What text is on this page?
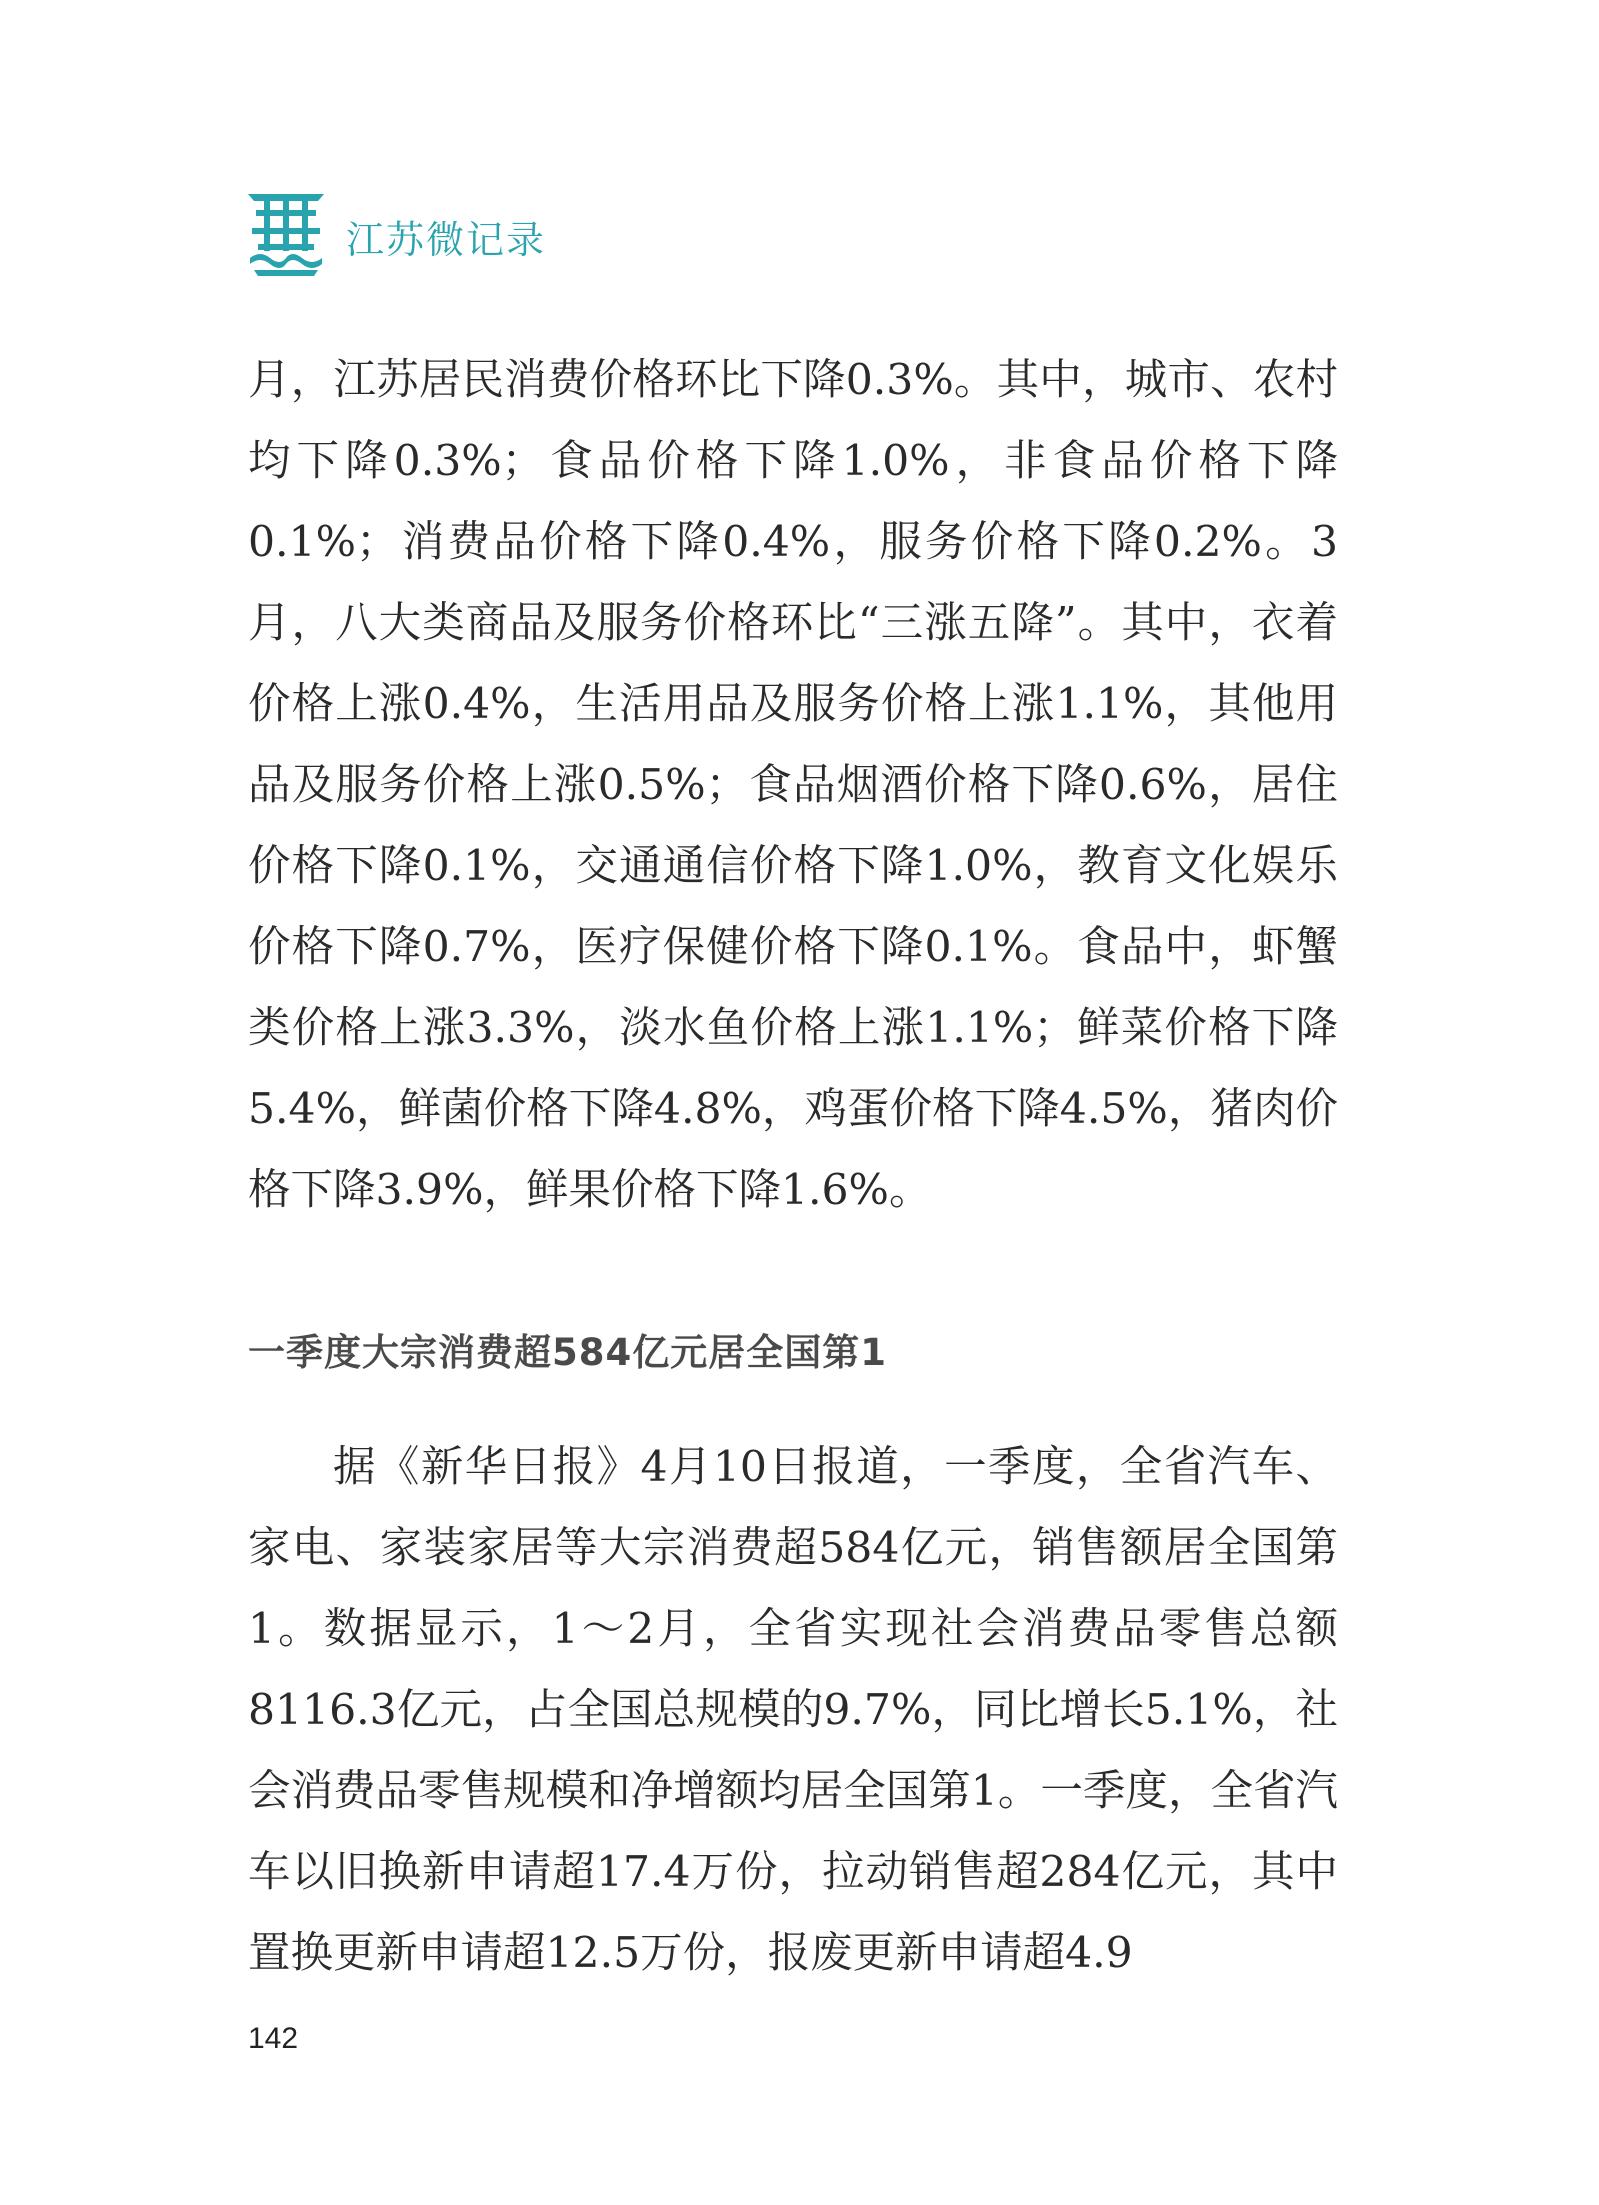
江苏微记录

月，江苏居民消费价格环比下降0.3%。其中，城市、农村均下降0.3%；食品价格下降1.0%，非食品价格下降0.1%；消费品价格下降0.4%，服务价格下降0.2%。3月，八大类商品及服务价格环比“三涨五降”。其中，衣着价格上涨0.4%，生活用品及服务价格上涨1.1%，其他用品及服务价格上涨0.5%；食品烟酒价格下降0.6%，居住价格下降0.1%，交通通信价格下降1.0%，教育文化娱乐价格下降0.7%，医疗保健价格下降0.1%。食品中，虾蟹类价格上涨3.3%，淡水鱼价格上涨1.1%；鲜菜价格下降5.4%，鲜菌价格下降4.8%，鸡蛋价格下降4.5%，猪肉价格下降3.9%，鲜果价格下降1.6%。

一季度大宗消费超584亿元居全国第1

据《新华日报》4月10日报道，一季度，全省汽车、家电、家装家居等大宗消费超584亿元，销售额居全国第1。数据显示，1～2月，全省实现社会消费品零售总额8116.3亿元，占全国总规模的9.7%，同比增长5.1%，社会消费品零售规模和净增额均居全国第1。一季度，全省汽车以旧换新申请超17.4万份，拉动销售超284亿元，其中置换更新申请超12.5万份，报废更新申请超4.9

142
